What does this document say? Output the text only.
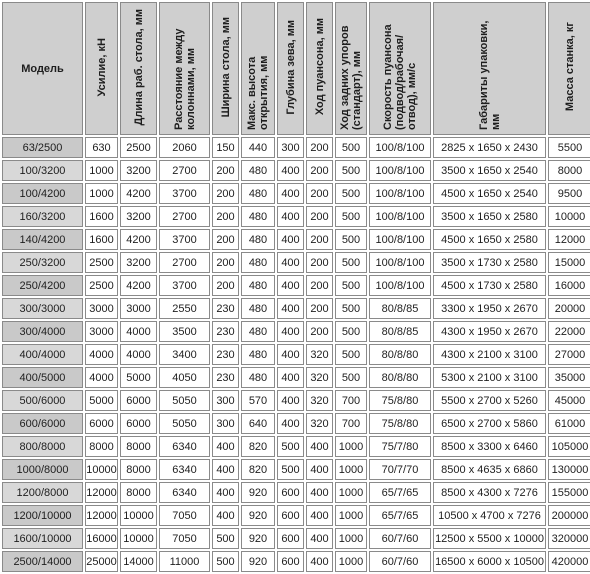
Модель	Усилие, кН	Длина раб. стола, мм	Расстояние между колоннами, мм	Ширина стола, мм	Макс. высота открытия, мм	Глубина зева, мм	Ход пуансона, мм	Ход задних упоров (стандарт), мм	Скорость пуансона (подвод/рабочая/отвод), мм/с	Габариты упаковки, мм	Масса станка, кг
63/2500	630	2500	2060	150	440	300	200	500	100/8/100	2825 x 1650 x 2430	5500
100/3200	1000	3200	2700	200	480	400	200	500	100/8/100	3500 x 1650 x 2540	8000
100/4200	1000	4200	3700	200	480	400	200	500	100/8/100	4500 x 1650 x 2540	9500
160/3200	1600	3200	2700	200	480	400	200	500	100/8/100	3500 x 1650 x 2580	10000
140/4200	1600	4200	3700	200	480	400	200	500	100/8/100	4500 x 1650 x 2580	12000
250/3200	2500	3200	2700	200	480	400	200	500	100/8/100	3500 x 1730 x 2580	15000
250/4200	2500	4200	3700	200	480	400	200	500	100/8/100	4500 x 1730 x 2580	16000
300/3000	3000	3000	2550	230	480	400	200	500	80/8/85	3300 x 1950 x 2670	20000
300/4000	3000	4000	3500	230	480	400	200	500	80/8/85	4300 x 1950 x 2670	22000
400/4000	4000	4000	3400	230	480	400	320	500	80/8/80	4300 x 2100 x 3100	27000
400/5000	4000	5000	4050	230	480	400	320	500	80/8/80	5300 x 2100 x 3100	35000
500/6000	5000	6000	5050	300	570	400	320	700	75/8/80	5500 x 2700 x 5260	45000
600/6000	6000	6000	5050	300	640	400	320	700	75/8/80	6500 x 2700 x 5860	61000
800/8000	8000	8000	6340	400	820	500	400	1000	75/7/80	8500 x 3300 x 6460	105000
1000/8000	10000	8000	6340	400	820	500	400	1000	70/7/70	8500 x 4635 x 6860	130000
1200/8000	12000	8000	6340	400	920	600	400	1000	65/7/65	8500 x 4300 x 7276	155000
1200/10000	12000	10000	7050	400	920	600	400	1000	65/7/65	10500 x 4700 x 7276	200000
1600/10000	16000	10000	7050	500	920	600	400	1000	60/7/60	12500 x 5500 x 10000	320000
2500/14000	25000	14000	11000	500	920	600	400	1000	60/7/60	16500 x 6000 x 10500	420000
